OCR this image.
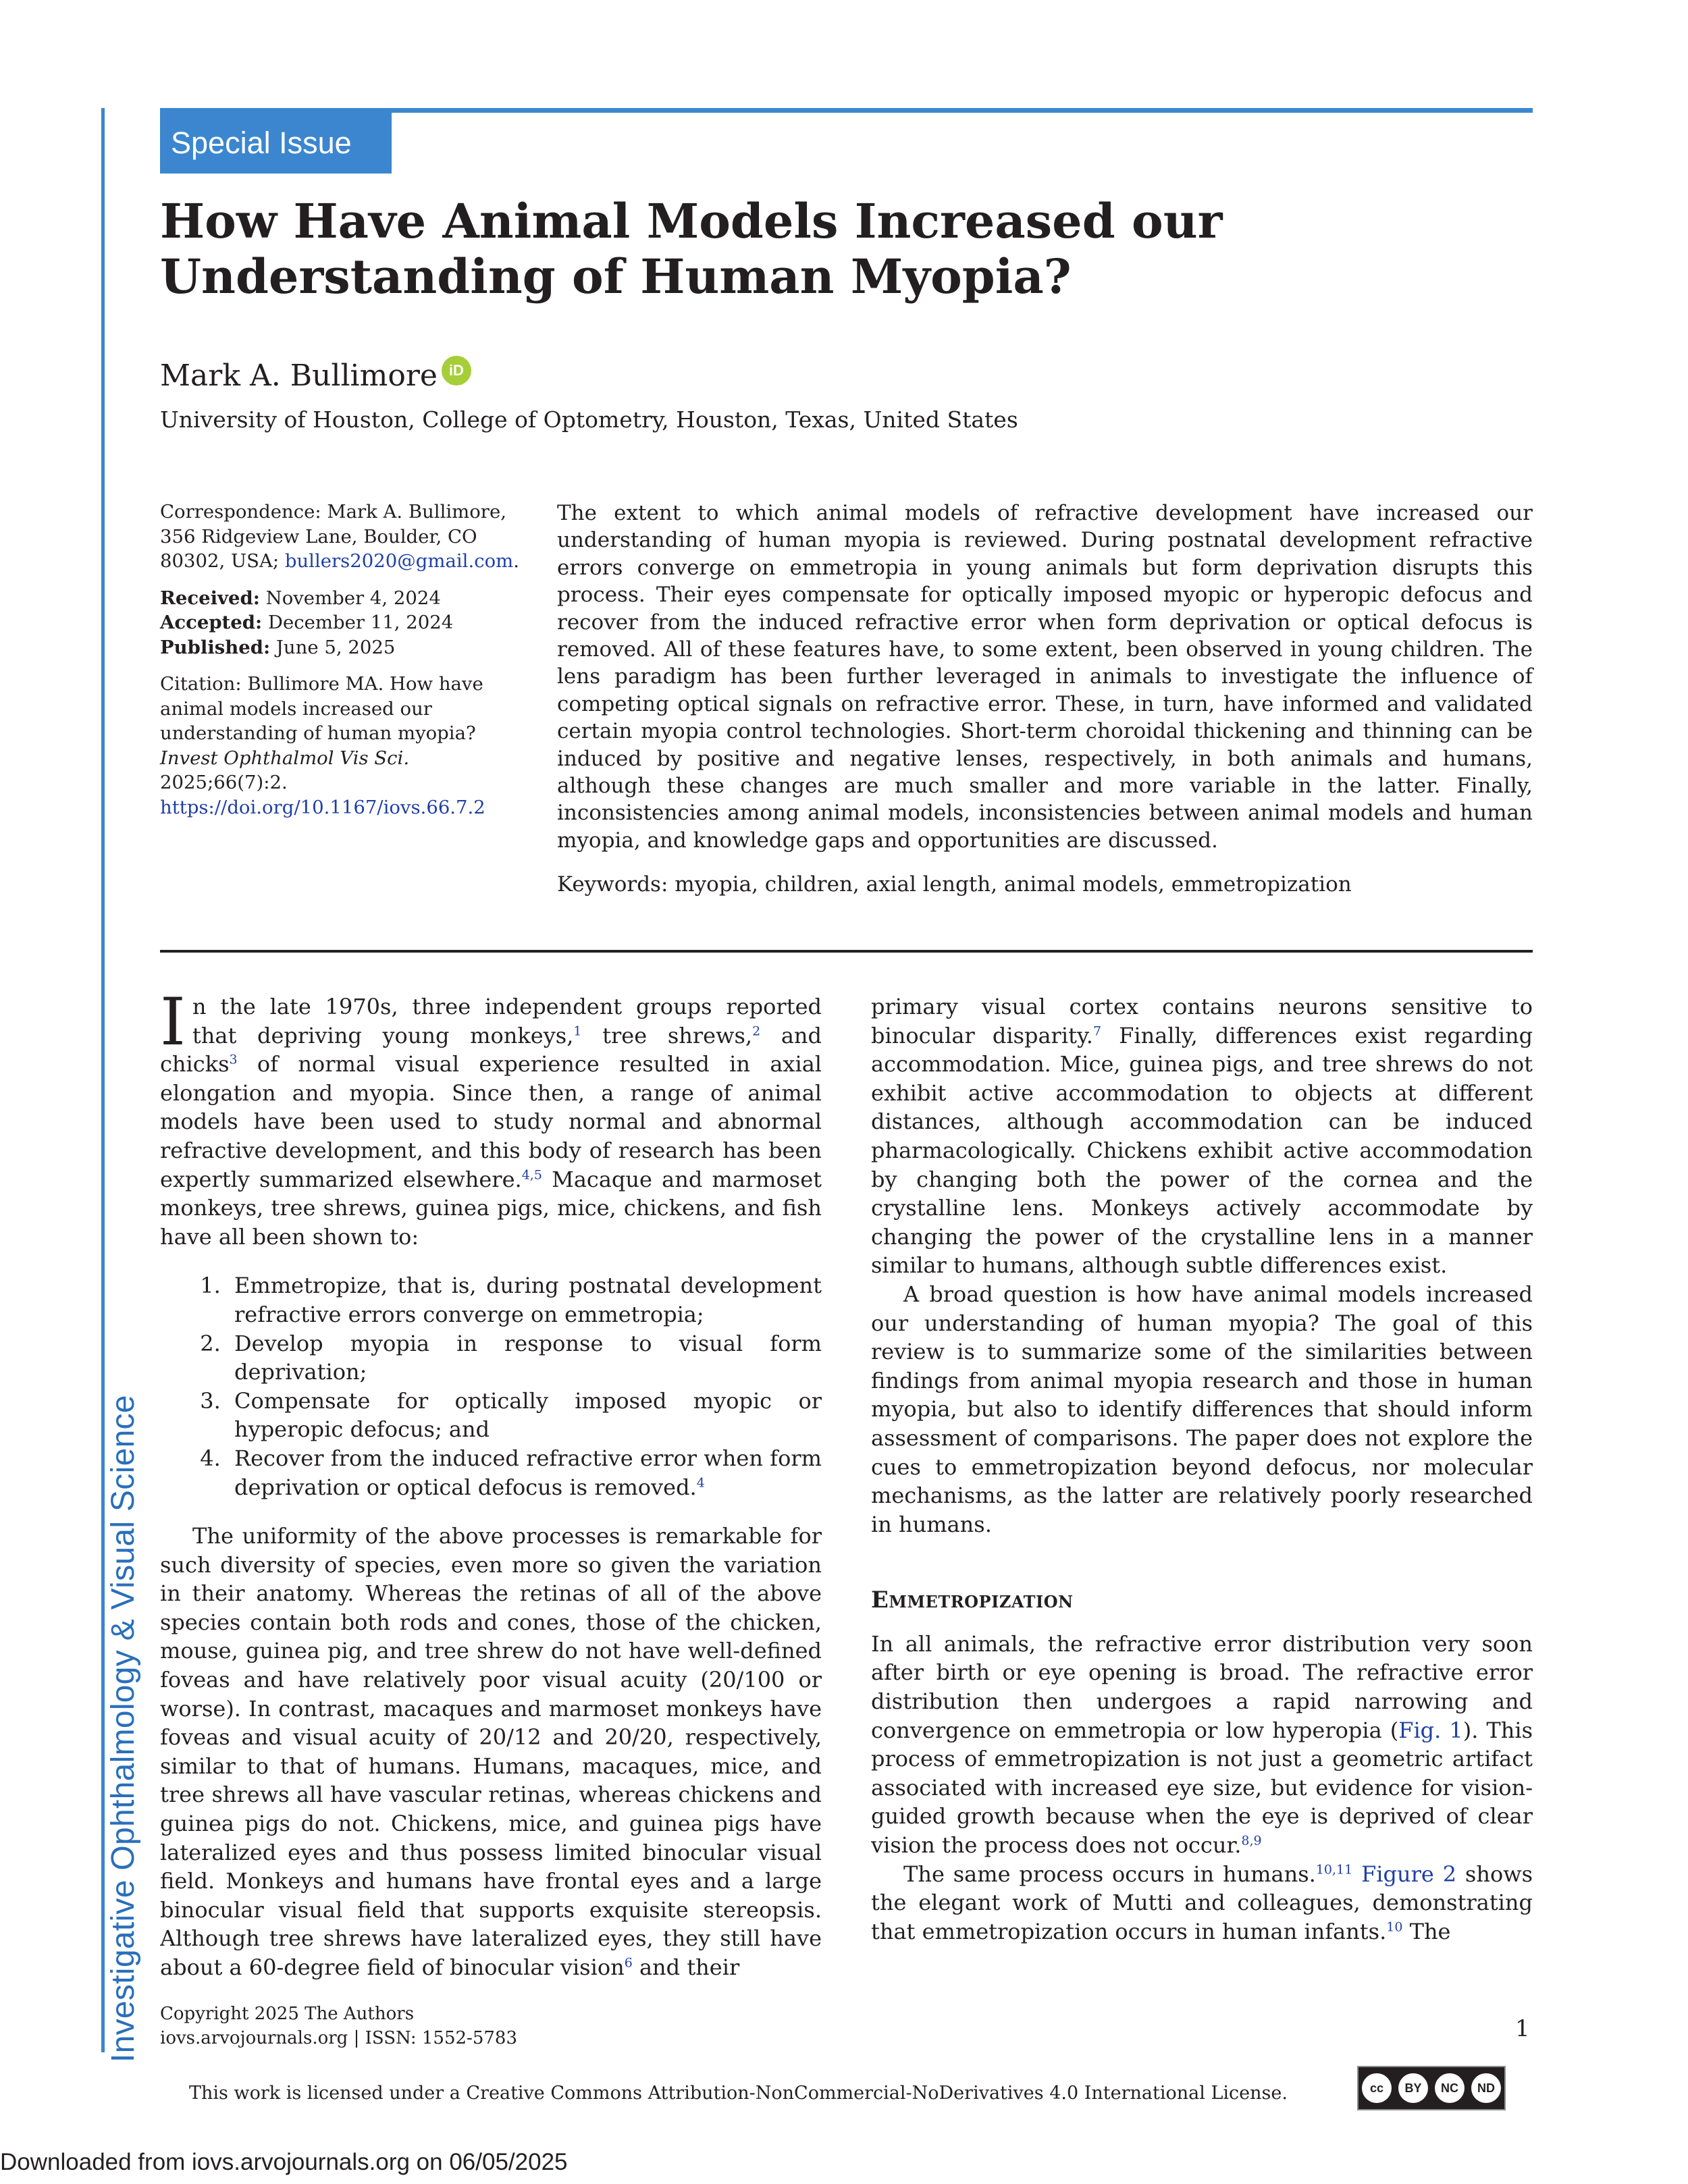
Investigative Ophthalmology & Visual Science
Special Issue
How Have Animal Models Increased our Understanding of Human Myopia?
Mark A. Bullimore iD
University of Houston, College of Optometry, Houston, Texas, United States

Correspondence: Mark A. Bullimore, 356 Ridgeview Lane, Boulder, CO 80302, USA; bullers2020@gmail.com.

Received: November 4, 2024
Accepted: December 11, 2024
Published: June 5, 2025

Citation: Bullimore MA. How have animal models increased our understanding of human myopia? Invest Ophthalmol Vis Sci. 2025;66(7):2.
https://doi.org/10.1167/iovs.66.7.2

The extent to which animal models of refractive development have increased our understanding of human myopia is reviewed. During postnatal development refractive errors converge on emmetropia in young animals but form deprivation disrupts this process. Their eyes compensate for optically imposed myopic or hyperopic defocus and recover from the induced refractive error when form deprivation or optical defocus is removed. All of these features have, to some extent, been observed in young children. The lens paradigm has been further leveraged in animals to investigate the influence of competing optical signals on refractive error. These, in turn, have informed and validated certain myopia control technologies. Short-term choroidal thickening and thinning can be induced by positive and negative lenses, respectively, in both animals and humans, although these changes are much smaller and more variable in the latter. Finally, inconsistencies among animal models, inconsistencies between animal models and human myopia, and knowledge gaps and opportunities are discussed.

Keywords: myopia, children, axial length, animal models, emmetropization

In the late 1970s, three independent groups reported that depriving young monkeys,$^1$ tree shrews,$^2$ and chicks$^3$ of normal visual experience resulted in axial elongation and myopia. Since then, a range of animal models have been used to study normal and abnormal refractive development, and this body of research has been expertly summarized elsewhere.$^{4,5}$ Macaque and marmoset monkeys, tree shrews, guinea pigs, mice, chickens, and fish have all been shown to:

1. Emmetropize, that is, during postnatal development refractive errors converge on emmetropia;
2. Develop myopia in response to visual form deprivation;
3. Compensate for optically imposed myopic or hyperopic defocus; and
4. Recover from the induced refractive error when form deprivation or optical defocus is removed.$^4$

The uniformity of the above processes is remarkable for such diversity of species, even more so given the variation in their anatomy. Whereas the retinas of all of the above species contain both rods and cones, those of the chicken, mouse, guinea pig, and tree shrew do not have well-defined foveas and have relatively poor visual acuity (20/100 or worse). In contrast, macaques and marmoset monkeys have foveas and visual acuity of 20/12 and 20/20, respectively, similar to that of humans. Humans, macaques, mice, and tree shrews all have vascular retinas, whereas chickens and guinea pigs do not. Chickens, mice, and guinea pigs have lateralized eyes and thus possess limited binocular visual field. Monkeys and humans have frontal eyes and a large binocular visual field that supports exquisite stereopsis. Although tree shrews have lateralized eyes, they still have about a 60-degree field of binocular vision$^6$ and their

primary visual cortex contains neurons sensitive to binocular disparity.$^7$ Finally, differences exist regarding accommodation. Mice, guinea pigs, and tree shrews do not exhibit active accommodation to objects at different distances, although accommodation can be induced pharmacologically. Chickens exhibit active accommodation by changing both the power of the cornea and the crystalline lens. Monkeys actively accommodate by changing the power of the crystalline lens in a manner similar to humans, although subtle differences exist.

A broad question is how have animal models increased our understanding of human myopia? The goal of this review is to summarize some of the similarities between findings from animal myopia research and those in human myopia, but also to identify differences that should inform assessment of comparisons. The paper does not explore the cues to emmetropization beyond defocus, nor molecular mechanisms, as the latter are relatively poorly researched in humans.

Emmetropization

In all animals, the refractive error distribution very soon after birth or eye opening is broad. The refractive error distribution then undergoes a rapid narrowing and convergence on emmetropia or low hyperopia (Fig. 1). This process of emmetropization is not just a geometric artifact associated with increased eye size, but evidence for vision-guided growth because when the eye is deprived of clear vision the process does not occur.$^{8,9}$

The same process occurs in humans.$^{10,11}$ Figure 2 shows the elegant work of Mutti and colleagues, demonstrating that emmetropization occurs in human infants.$^{10}$ The

Copyright 2025 The Authors
iovs.arvojournals.org | ISSN: 1552-5783	1
This work is licensed under a Creative Commons Attribution-NonCommercial-NoDerivatives 4.0 International License.	cc	BY	NC	ND
Downloaded from iovs.arvojournals.org on 06/05/2025
